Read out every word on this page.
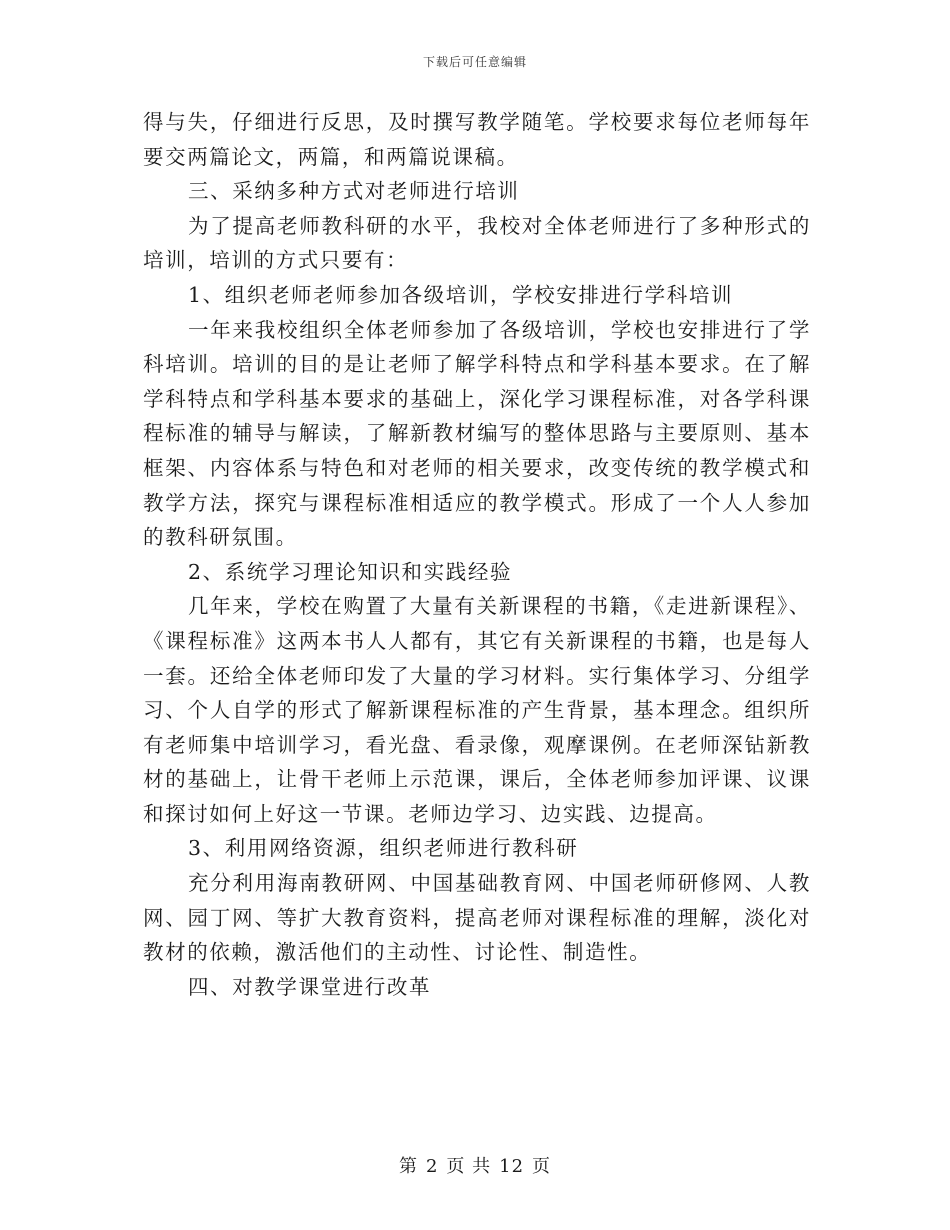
下载后可任意编辑

得与失，仔细进行反思，及时撰写教学随笔。学校要求每位老师每年要交两篇论文，两篇，和两篇说课稿。

三、采纳多种方式对老师进行培训

为了提高老师教科研的水平，我校对全体老师进行了多种形式的培训，培训的方式只要有：

1、组织老师老师参加各级培训，学校安排进行学科培训

一年来我校组织全体老师参加了各级培训，学校也安排进行了学科培训。培训的目的是让老师了解学科特点和学科基本要求。在了解学科特点和学科基本要求的基础上，深化学习课程标准，对各学科课程标准的辅导与解读，了解新教材编写的整体思路与主要原则、基本框架、内容体系与特色和对老师的相关要求，改变传统的教学模式和教学方法，探究与课程标准相适应的教学模式。形成了一个人人参加的教科研氛围。

2、系统学习理论知识和实践经验

几年来，学校在购置了大量有关新课程的书籍，《走进新课程》、《课程标准》这两本书人人都有，其它有关新课程的书籍，也是每人一套。还给全体老师印发了大量的学习材料。实行集体学习、分组学习、个人自学的形式了解新课程标准的产生背景，基本理念。组织所有老师集中培训学习，看光盘、看录像，观摩课例。在老师深钻新教材的基础上，让骨干老师上示范课，课后，全体老师参加评课、议课和探讨如何上好这一节课。老师边学习、边实践、边提高。

3、利用网络资源，组织老师进行教科研

充分利用海南教研网、中国基础教育网、中国老师研修网、人教网、园丁网、等扩大教育资料，提高老师对课程标准的理解，淡化对教材的依赖，激活他们的主动性、讨论性、制造性。

四、对教学课堂进行改革

第 2 页 共 12 页
